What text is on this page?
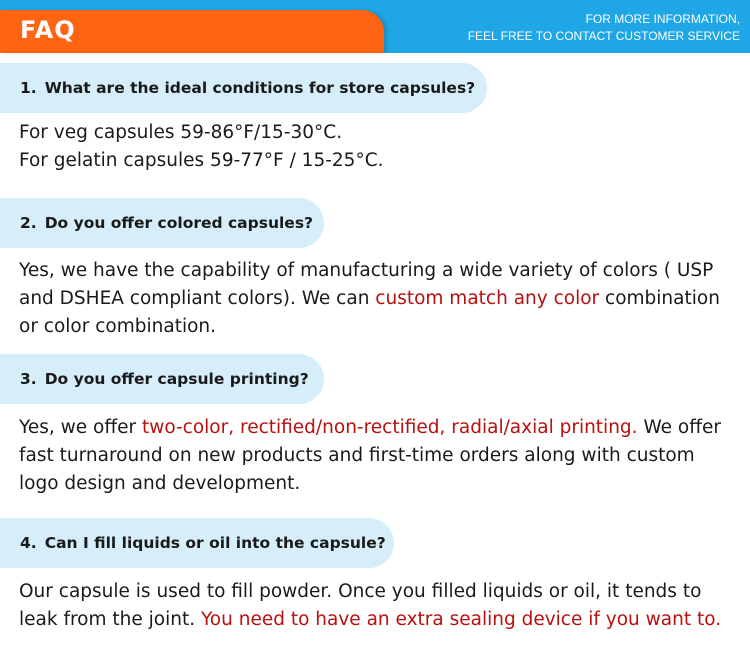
FAQ	FOR MORE INFORMATION,
FEEL FREE TO CONTACT CUSTOMER SERVICE
1. What are the ideal conditions for store capsules?

For veg capsules 59-86°F/15-30°C.

For gelatin capsules 59-77°F / 15-25°C.

2. Do you offer colored capsules?

Yes, we have the capability of manufacturing a wide variety of colors ( USP and DSHEA compliant colors). We can custom match any color combination or color combination.

3. Do you offer capsule printing?

Yes, we offer two-color, rectified/non-rectified, radial/axial printing. We offer fast turnaround on new products and first-time orders along with custom logo design and development.

4. Can I fill liquids or oil into the capsule?

Our capsule is used to fill powder. Once you filled liquids or oil, it tends to leak from the joint. You need to have an extra sealing device if you want to.
